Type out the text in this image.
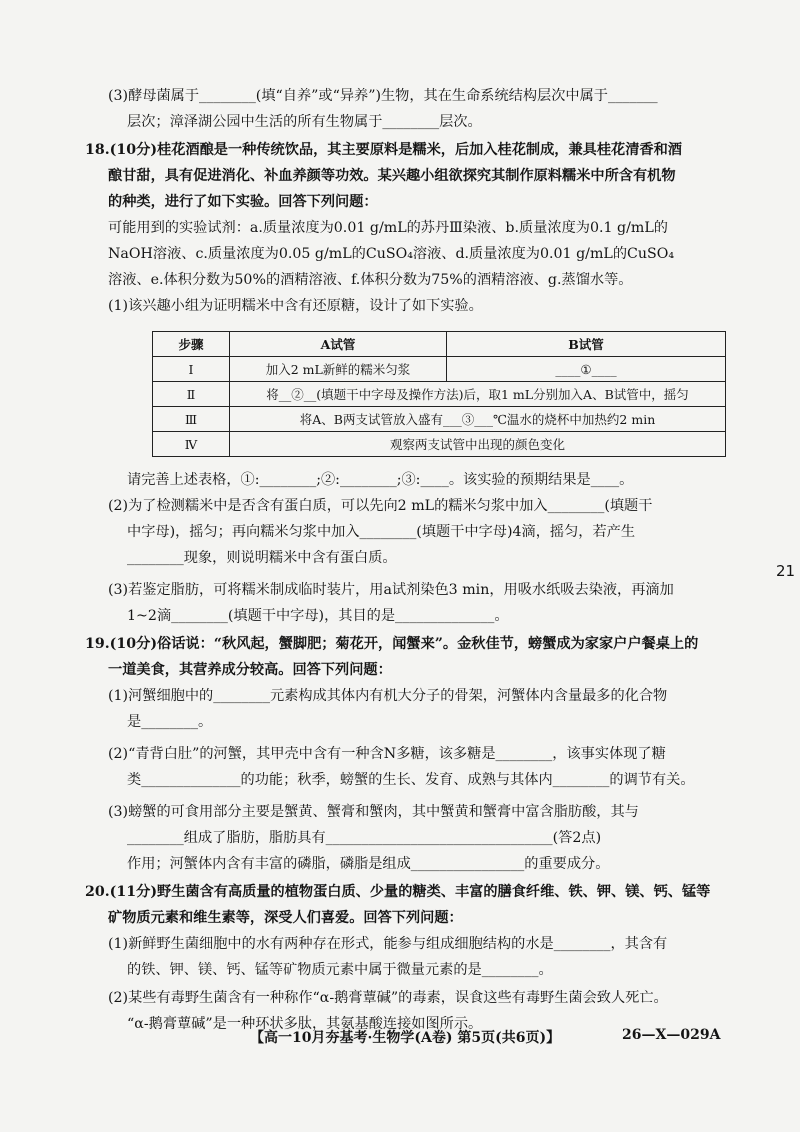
(3)酵母菌属于________(填“自养”或“异养”)生物，其在生命系统结构层次中属于_______
层次；漳泽湖公园中生活的所有生物属于________层次。
18.(10分)桂花酒酿是一种传统饮品，其主要原料是糯米，后加入桂花制成，兼具桂花清香和酒
酿甘甜，具有促进消化、补血养颜等功效。某兴趣小组欲探究其制作原料糯米中所含有机物
的种类，进行了如下实验。回答下列问题：
可能用到的实验试剂：a.质量浓度为0.01 g/mL的苏丹Ⅲ染液、b.质量浓度为0.1 g/mL的
NaOH溶液、c.质量浓度为0.05 g/mL的CuSO₄溶液、d.质量浓度为0.01 g/mL的CuSO₄
溶液、e.体积分数为50%的酒精溶液、f.体积分数为75%的酒精溶液、g.蒸馏水等。
(1)该兴趣小组为证明糯米中含有还原糖，设计了如下实验。
请完善上述表格，①:________;②:________;③:____。该实验的预期结果是____。
(2)为了检测糯米中是否含有蛋白质，可以先向2 mL的糯米匀浆中加入________(填题干
中字母)，摇匀；再向糯米匀浆中加入________(填题干中字母)4滴，摇匀，若产生
________现象，则说明糯米中含有蛋白质。
(3)若鉴定脂肪，可将糯米制成临时装片，用a试剂染色3 min，用吸水纸吸去染液，再滴加
1~2滴________(填题干中字母)，其目的是______________。
19.(10分)俗话说：“秋风起，蟹脚肥；菊花开，闻蟹来”。金秋佳节，螃蟹成为家家户户餐桌上的
一道美食，其营养成分较高。回答下列问题：
(1)河蟹细胞中的________元素构成其体内有机大分子的骨架，河蟹体内含量最多的化合物
是________。
(2)“青背白肚”的河蟹，其甲壳中含有一种含N多糖，该多糖是________，该事实体现了糖
类______________的功能；秋季，螃蟹的生长、发育、成熟与其体内________的调节有关。
(3)螃蟹的可食用部分主要是蟹黄、蟹膏和蟹肉，其中蟹黄和蟹膏中富含脂肪酸，其与
________组成了脂肪，脂肪具有________________________________(答2点)
作用；河蟹体内含有丰富的磷脂，磷脂是组成________________的重要成分。
20.(11分)野生菌含有高质量的植物蛋白质、少量的糖类、丰富的膳食纤维、铁、钾、镁、钙、锰等
矿物质元素和维生素等，深受人们喜爱。回答下列问题：
(1)新鲜野生菌细胞中的水有两种存在形式，能参与组成细胞结构的水是________，其含有
的铁、钾、镁、钙、锰等矿物质元素中属于微量元素的是________。
(2)某些有毒野生菌含有一种称作“α-鹅膏蕈碱”的毒素，误食这些有毒野生菌会致人死亡。
“α-鹅膏蕈碱”是一种环状多肽，其氨基酸连接如图所示。
步骤	A试管	B试管
Ⅰ	加入2 mL新鲜的糯米匀浆	____①____
Ⅱ	将__②__(填题干中字母及操作方法)后，取1 mL分别加入A、B试管中，摇匀	
Ⅲ	将A、B两支试管放入盛有___③___℃温水的烧杯中加热约2 min	
Ⅳ	观察两支试管中出现的颜色变化	
21
【高一10月夯基考·生物学(A卷) 第5页(共6页)】	26—X—029A
